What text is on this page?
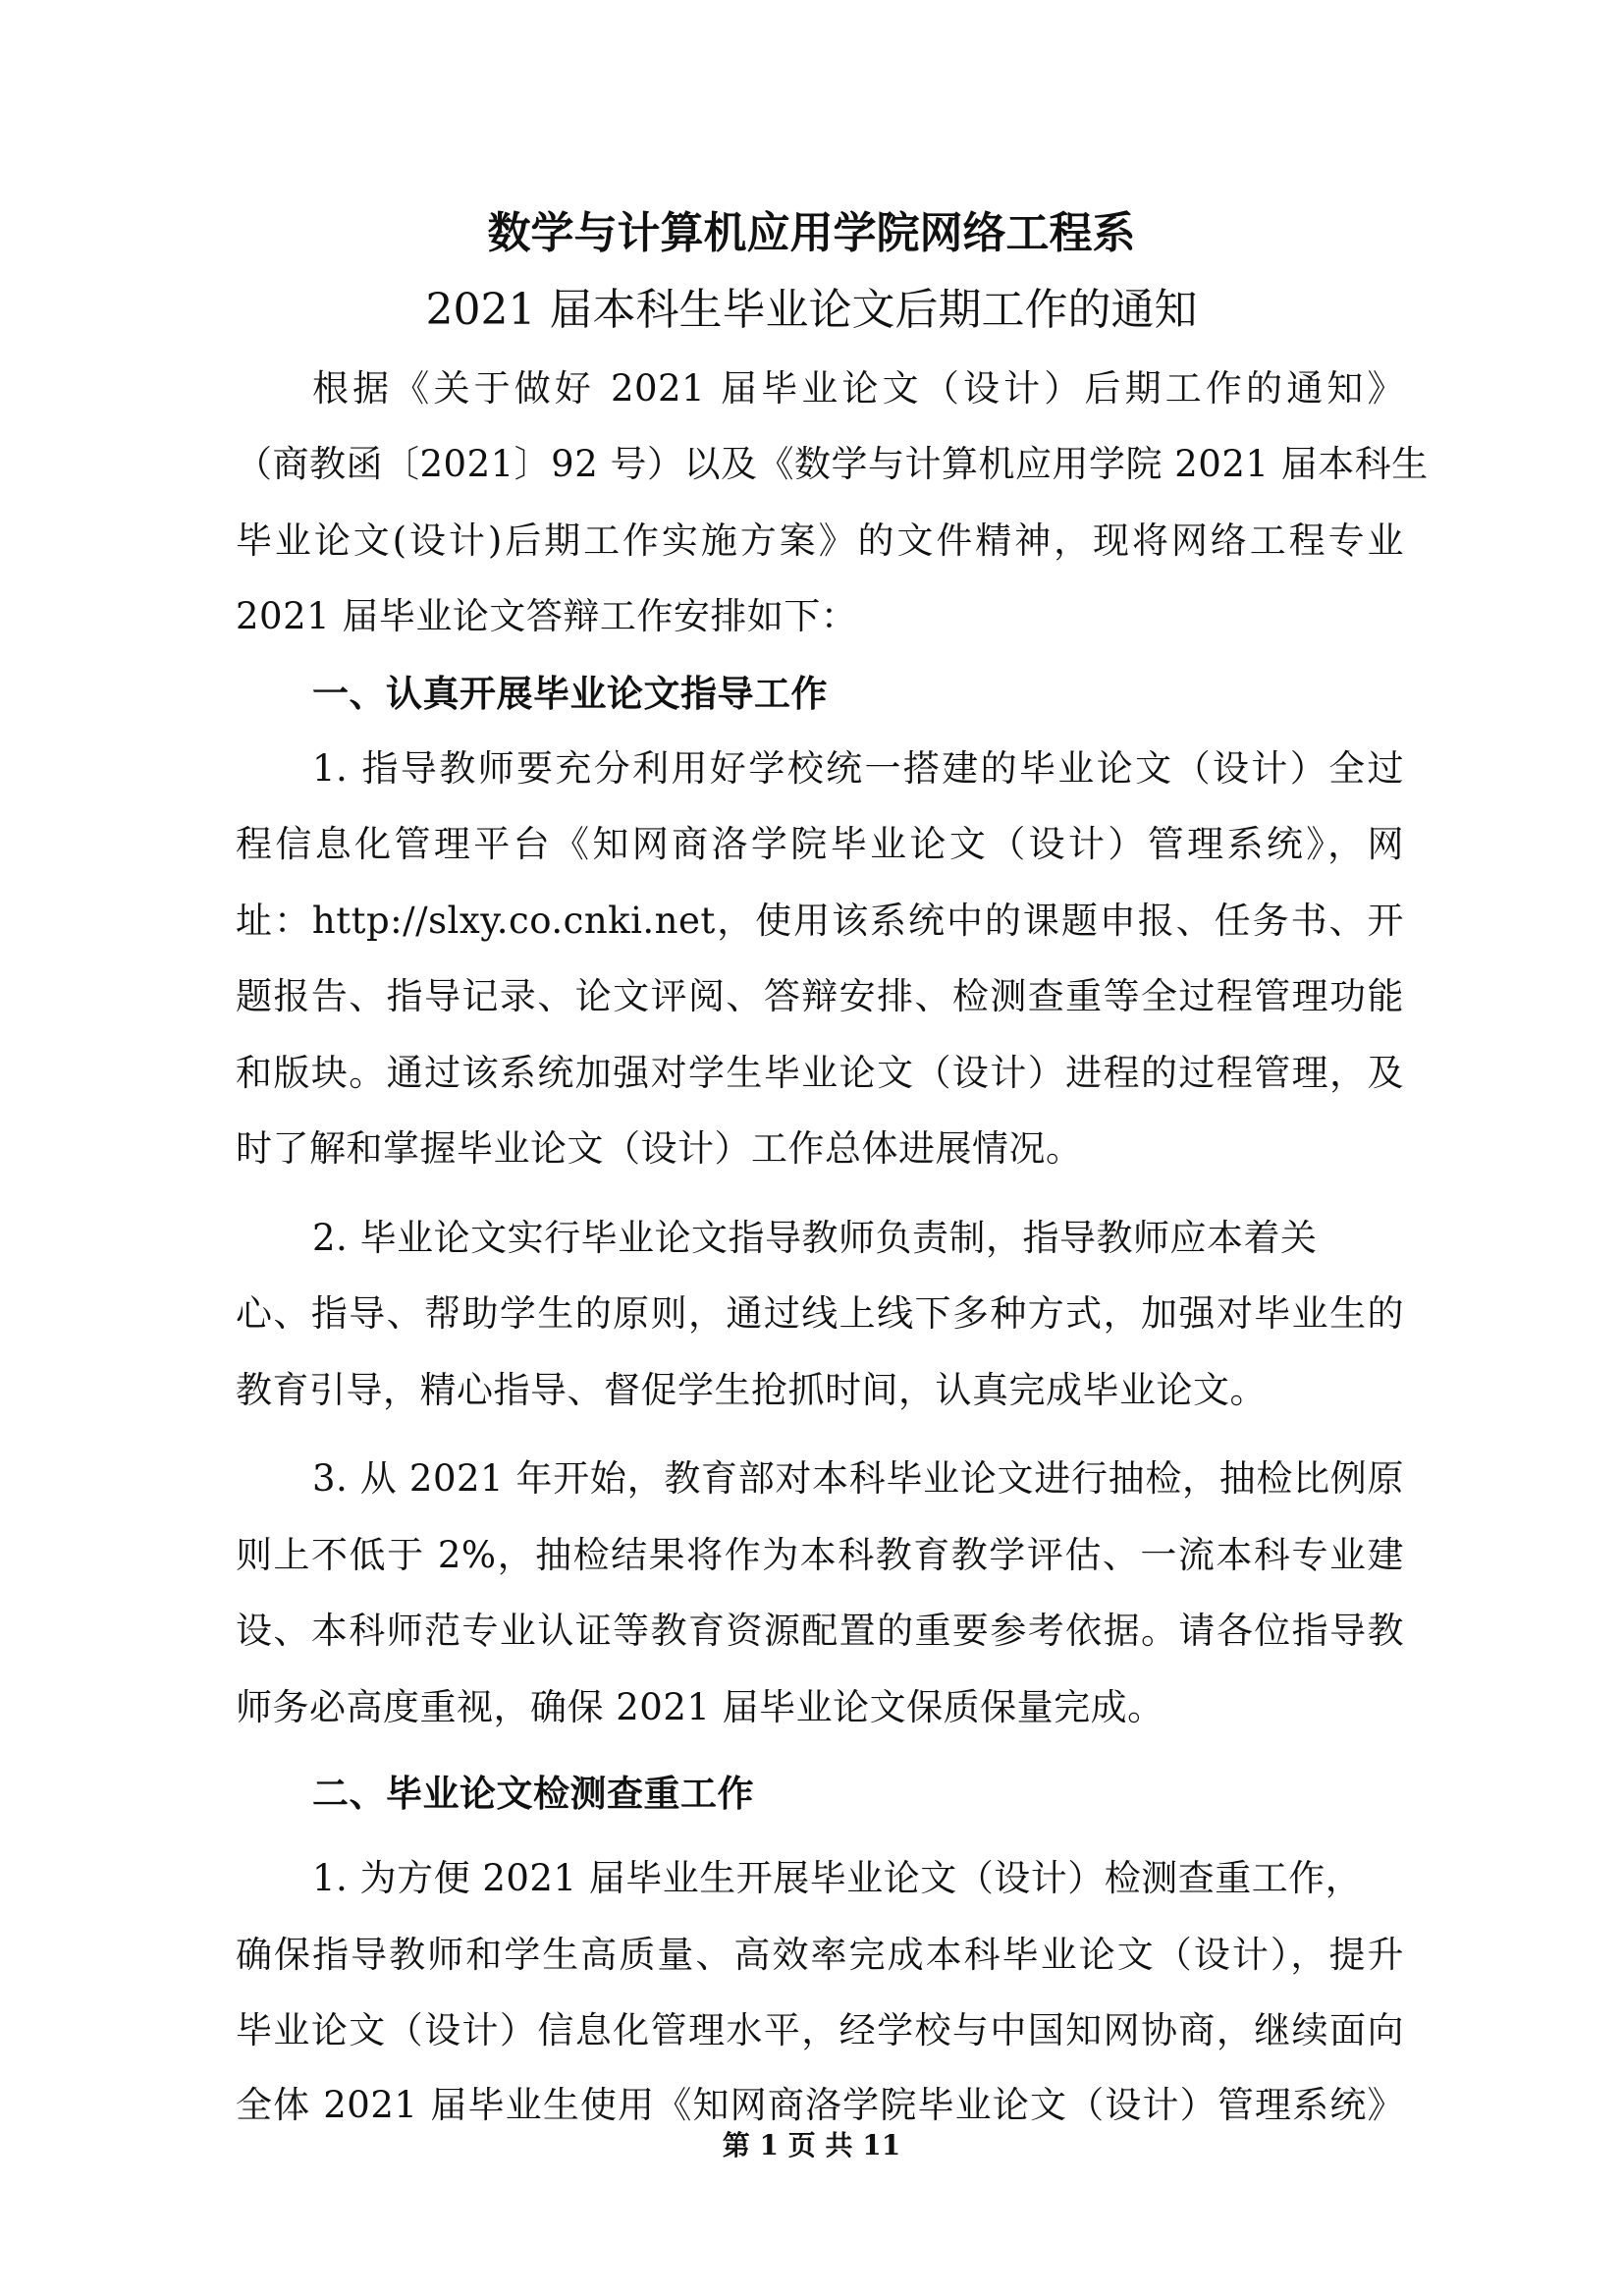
数学与计算机应用学院网络工程系
2021 届本科生毕业论文后期工作的通知
根据《关于做好 2021 届毕业论文（设计）后期工作的通知》
（商教函〔2021〕92 号）以及《数学与计算机应用学院 2021 届本科生
毕业论文(设计)后期工作实施方案》的文件精神，现将网络工程专业
2021 届毕业论文答辩工作安排如下：
一、认真开展毕业论文指导工作
1. 指导教师要充分利用好学校统一搭建的毕业论文（设计）全过
程信息化管理平台《知网商洛学院毕业论文（设计）管理系统》，网
址：http://slxy.co.cnki.net，使用该系统中的课题申报、任务书、开
题报告、指导记录、论文评阅、答辩安排、检测查重等全过程管理功能
和版块。通过该系统加强对学生毕业论文（设计）进程的过程管理，及
时了解和掌握毕业论文（设计）工作总体进展情况。
2. 毕业论文实行毕业论文指导教师负责制，指导教师应本着关
心、指导、帮助学生的原则，通过线上线下多种方式，加强对毕业生的
教育引导，精心指导、督促学生抢抓时间，认真完成毕业论文。
3. 从 2021 年开始，教育部对本科毕业论文进行抽检，抽检比例原
则上不低于 2%，抽检结果将作为本科教育教学评估、一流本科专业建
设、本科师范专业认证等教育资源配置的重要参考依据。请各位指导教
师务必高度重视，确保 2021 届毕业论文保质保量完成。
二、毕业论文检测查重工作
1. 为方便 2021 届毕业生开展毕业论文（设计）检测查重工作，
确保指导教师和学生高质量、高效率完成本科毕业论文（设计），提升
毕业论文（设计）信息化管理水平，经学校与中国知网协商，继续面向
全体 2021 届毕业生使用《知网商洛学院毕业论文（设计）管理系统》
第 1 页 共 11
